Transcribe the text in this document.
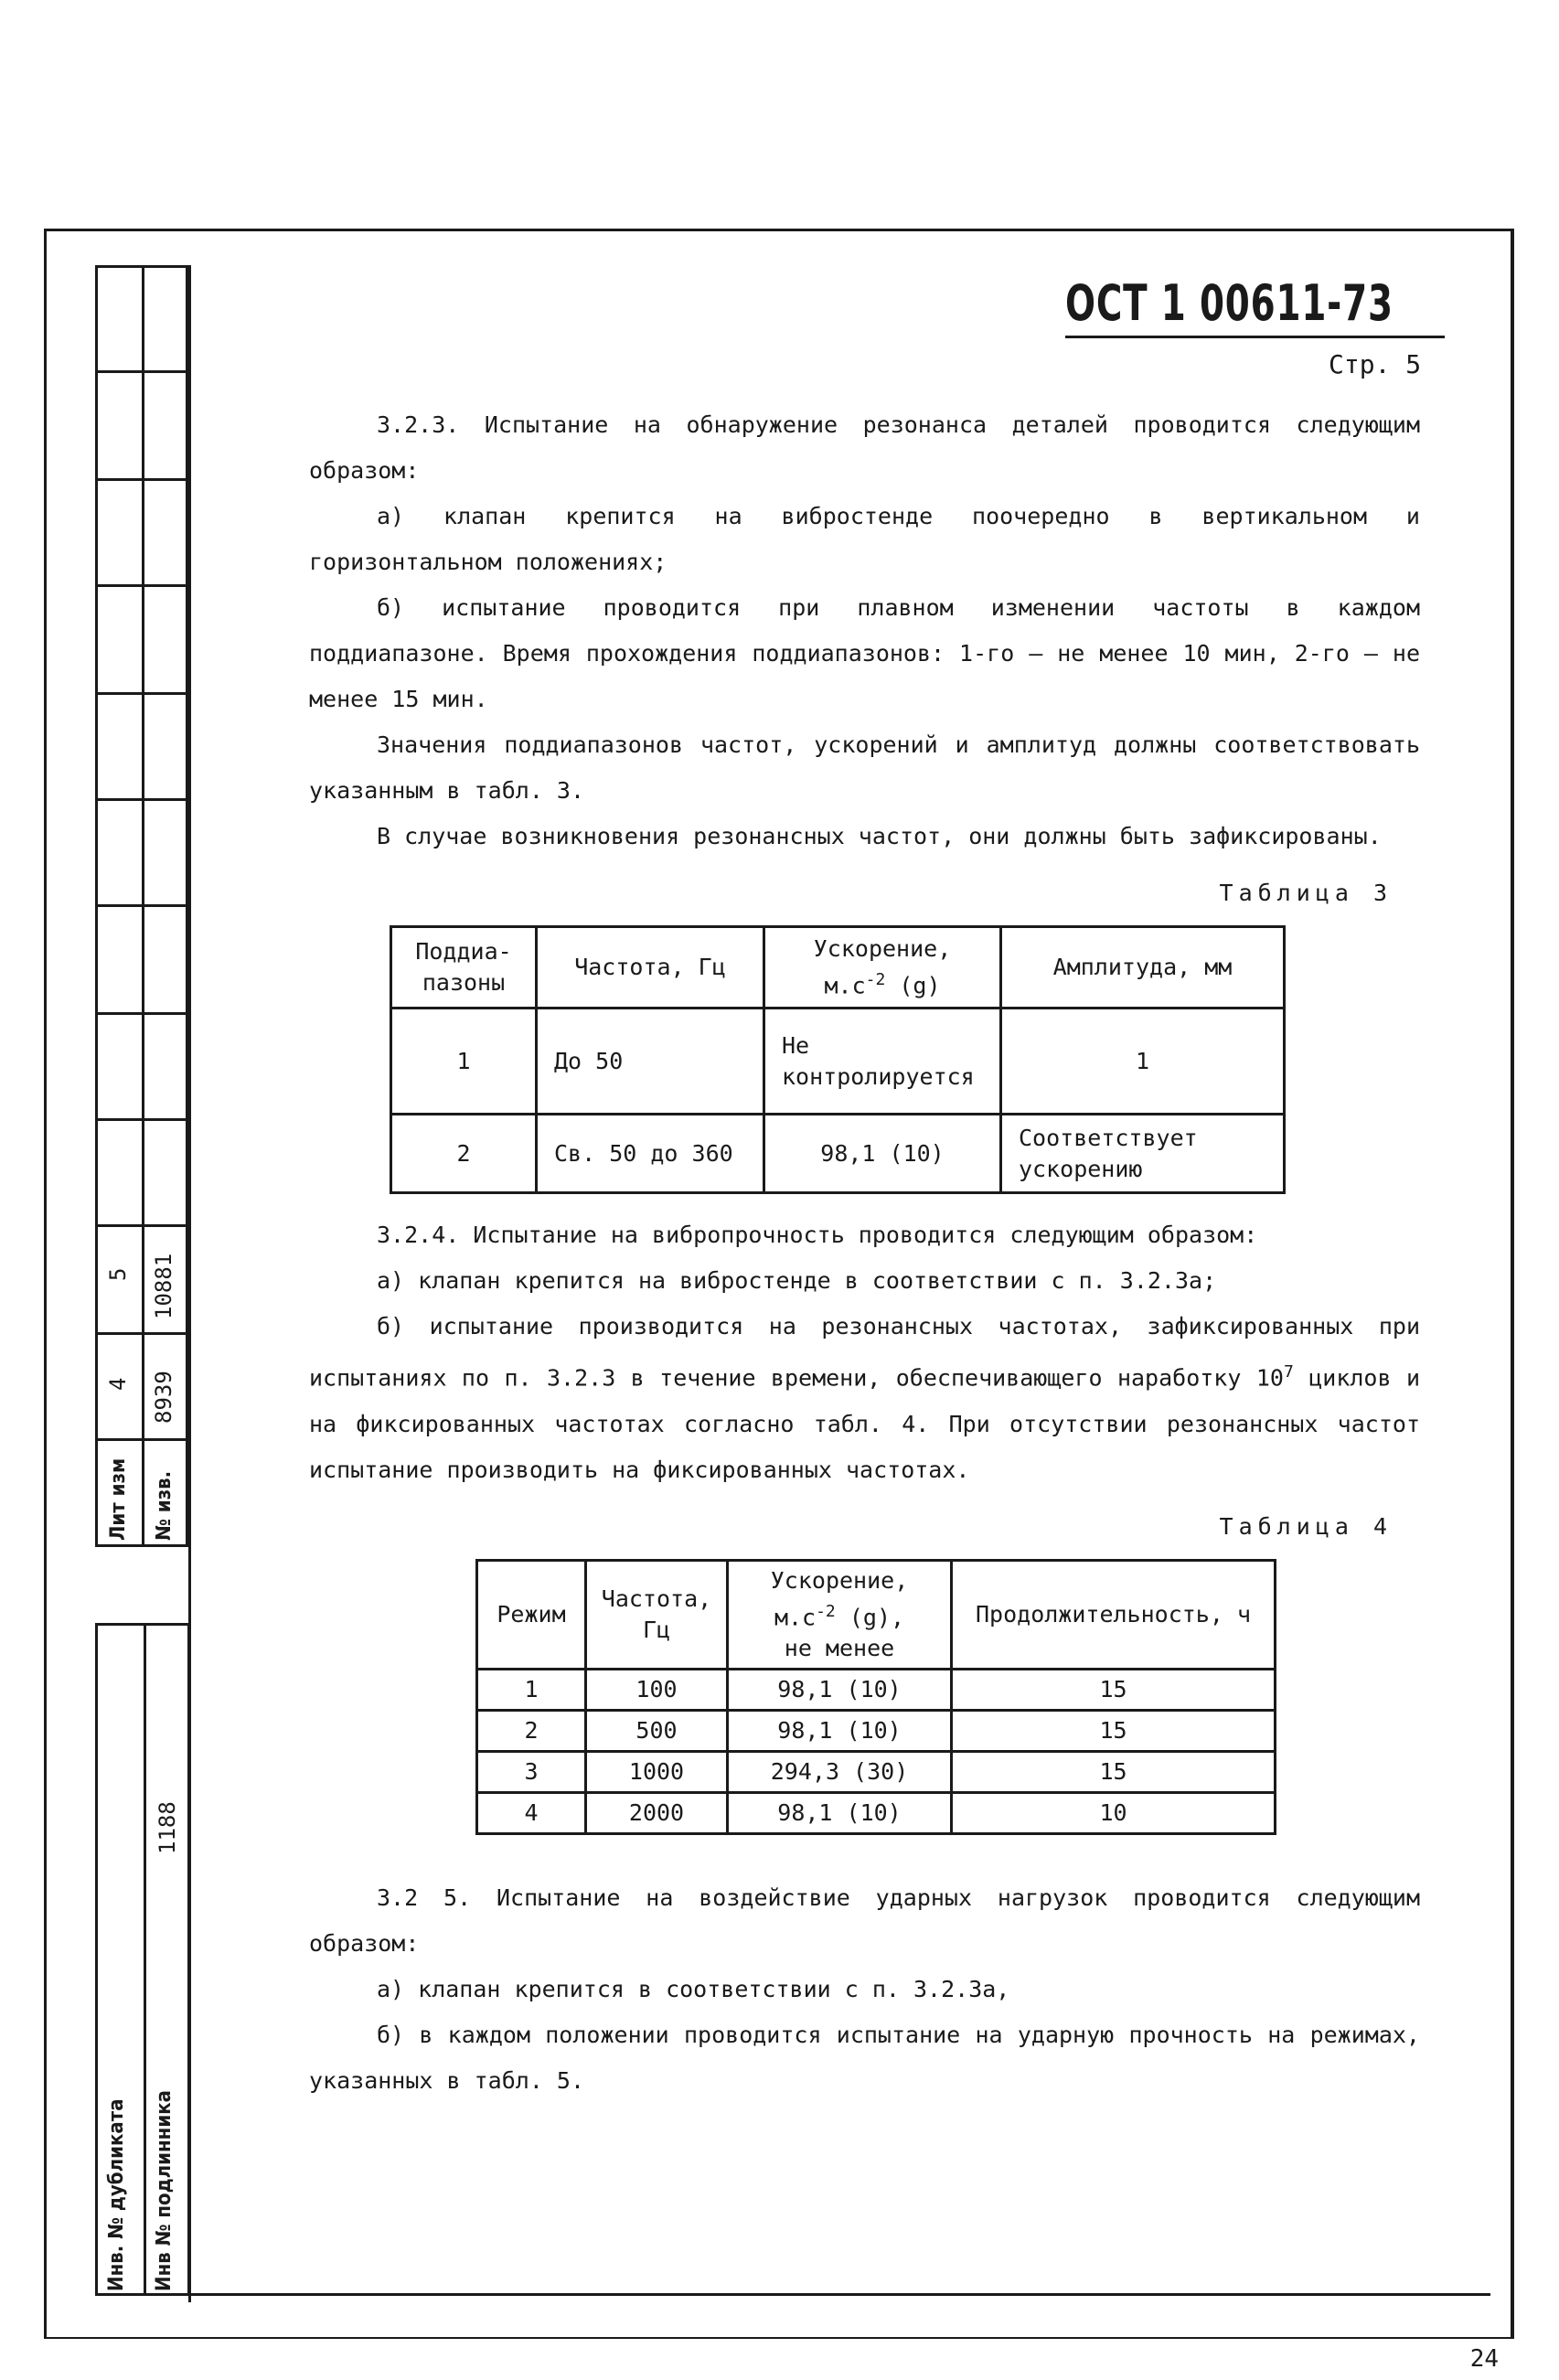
5 10881
4 8939
Лит изм № изв.
1188
Инв. № дубликата Инв № подлинника
ОСТ 1 00611-73
Стр. 5

3.2.3. Испытание на обнаружение резонанса деталей проводится следующим образом:

а) клапан крепится на вибростенде поочередно в вертикальном и горизонтальном положениях;

б) испытание проводится при плавном изменении частоты в каждом поддиапазоне. Время прохождения поддиапазонов: 1-го – не менее 10 мин, 2-го – не менее 15 мин.

Значения поддиапазонов частот, ускорений и амплитуд должны соответствовать указанным в табл. 3.

В случае возникновения резонансных частот, они должны быть зафиксированы.

Таблица 3
Поддиа-пазоны	Частота, Гц	Ускорение,
$м.с^{-2}$ (g)	Амплитуда, мм
1	До 50	Не контролируется	1
2	Св. 50 до 360	98,1 (10)	Соответствует ускорению

3.2.4. Испытание на вибропрочность проводится следующим образом:

а) клапан крепится на вибростенде в соответствии с п. 3.2.3а;

б) испытание производится на резонансных частотах, зафиксированных при испытаниях по п. 3.2.3 в течение времени, обеспечивающего наработку $10^7$ циклов и на фиксированных частотах согласно табл. 4. При отсутствии резонансных частот испытание производить на фиксированных частотах.

Таблица 4
Режим	Частота, Гц	Ускорение,
$м.с^{-2}$ (g),
не менее	Продолжительность, ч
1	100	98,1 (10)	15
2	500	98,1 (10)	15
3	1000	294,3 (30)	15
4	2000	98,1 (10)	10

3.2 5. Испытание на воздействие ударных нагрузок проводится следующим образом:

а) клапан крепится в соответствии с п. 3.2.3а,

б) в каждом положении проводится испытание на ударную прочность на режимах, указанных в табл. 5.

24
